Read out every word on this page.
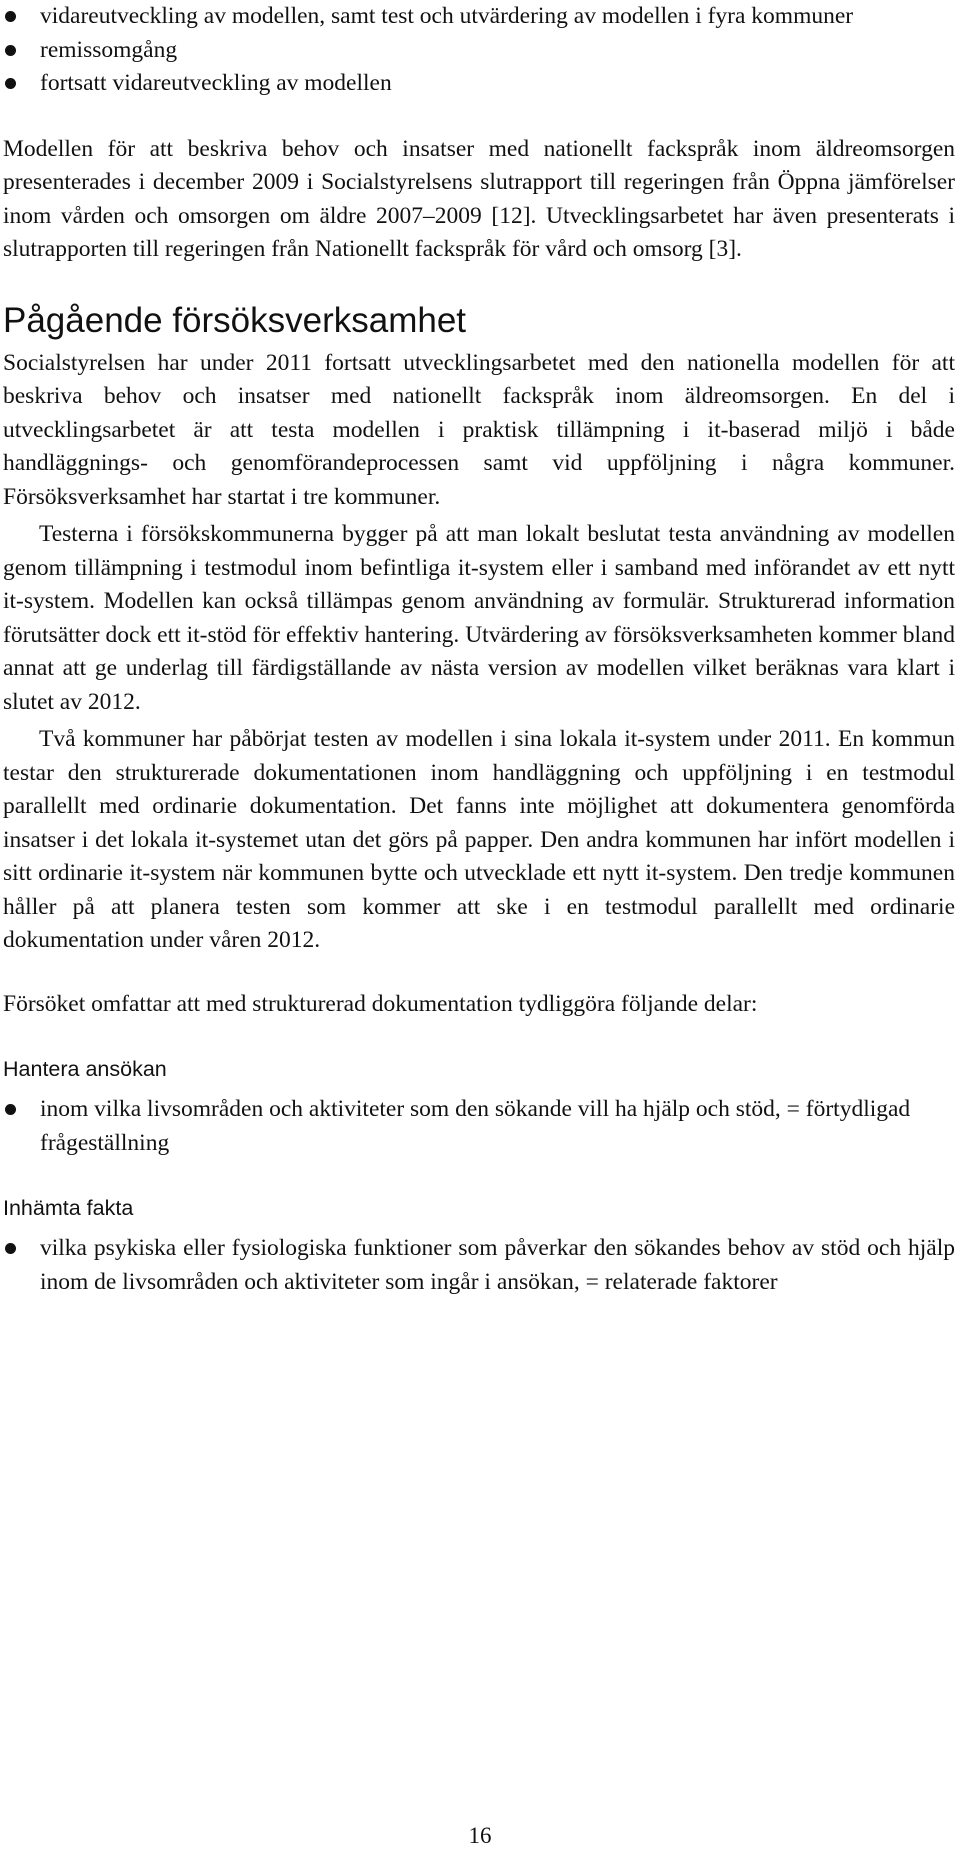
vidareutveckling av modellen, samt test och utvärdering av modellen i fyra kommuner
remissomgång
fortsatt vidareutveckling av modellen

Modellen för att beskriva behov och insatser med nationellt fackspråk inom äldreomsorgen presenterades i december 2009 i Socialstyrelsens slutrapport till regeringen från Öppna jämförelser inom vården och omsorgen om äldre 2007–2009 [12]. Utvecklingsarbetet har även presenterats i slutrapporten till regeringen från Nationellt fackspråk för vård och omsorg [3].

Pågående försöksverksamhet

Socialstyrelsen har under 2011 fortsatt utvecklingsarbetet med den nationella modellen för att beskriva behov och insatser med nationellt fackspråk inom äldreomsorgen. En del i utvecklingsarbetet är att testa modellen i praktisk tillämpning i it-baserad miljö i både handläggnings- och genomförandeprocessen samt vid uppföljning i några kommuner. Försöksverksamhet har startat i tre kommuner.

Testerna i försökskommunerna bygger på att man lokalt beslutat testa användning av modellen genom tillämpning i testmodul inom befintliga it-system eller i samband med införandet av ett nytt it-system. Modellen kan också tillämpas genom användning av formulär. Strukturerad information förutsätter dock ett it-stöd för effektiv hantering. Utvärdering av försöksverksamheten kommer bland annat att ge underlag till färdigställande av nästa version av modellen vilket beräknas vara klart i slutet av 2012.

Två kommuner har påbörjat testen av modellen i sina lokala it-system under 2011. En kommun testar den strukturerade dokumentationen inom handläggning och uppföljning i en testmodul parallellt med ordinarie dokumentation. Det fanns inte möjlighet att dokumentera genomförda insatser i det lokala it-systemet utan det görs på papper. Den andra kommunen har infört modellen i sitt ordinarie it-system när kommunen bytte och utvecklade ett nytt it-system. Den tredje kommunen håller på att planera testen som kommer att ske i en testmodul parallellt med ordinarie dokumentation under våren 2012.

Försöket omfattar att med strukturerad dokumentation tydliggöra följande delar:

Hantera ansökan
inom vilka livsområden och aktiviteter som den sökande vill ha hjälp och stöd, = förtydligad frågeställning
Inhämta fakta
vilka psykiska eller fysiologiska funktioner som påverkar den sökandes behov av stöd och hjälp inom de livsområden och aktiviteter som ingår i ansökan, = relaterade faktorer
16
